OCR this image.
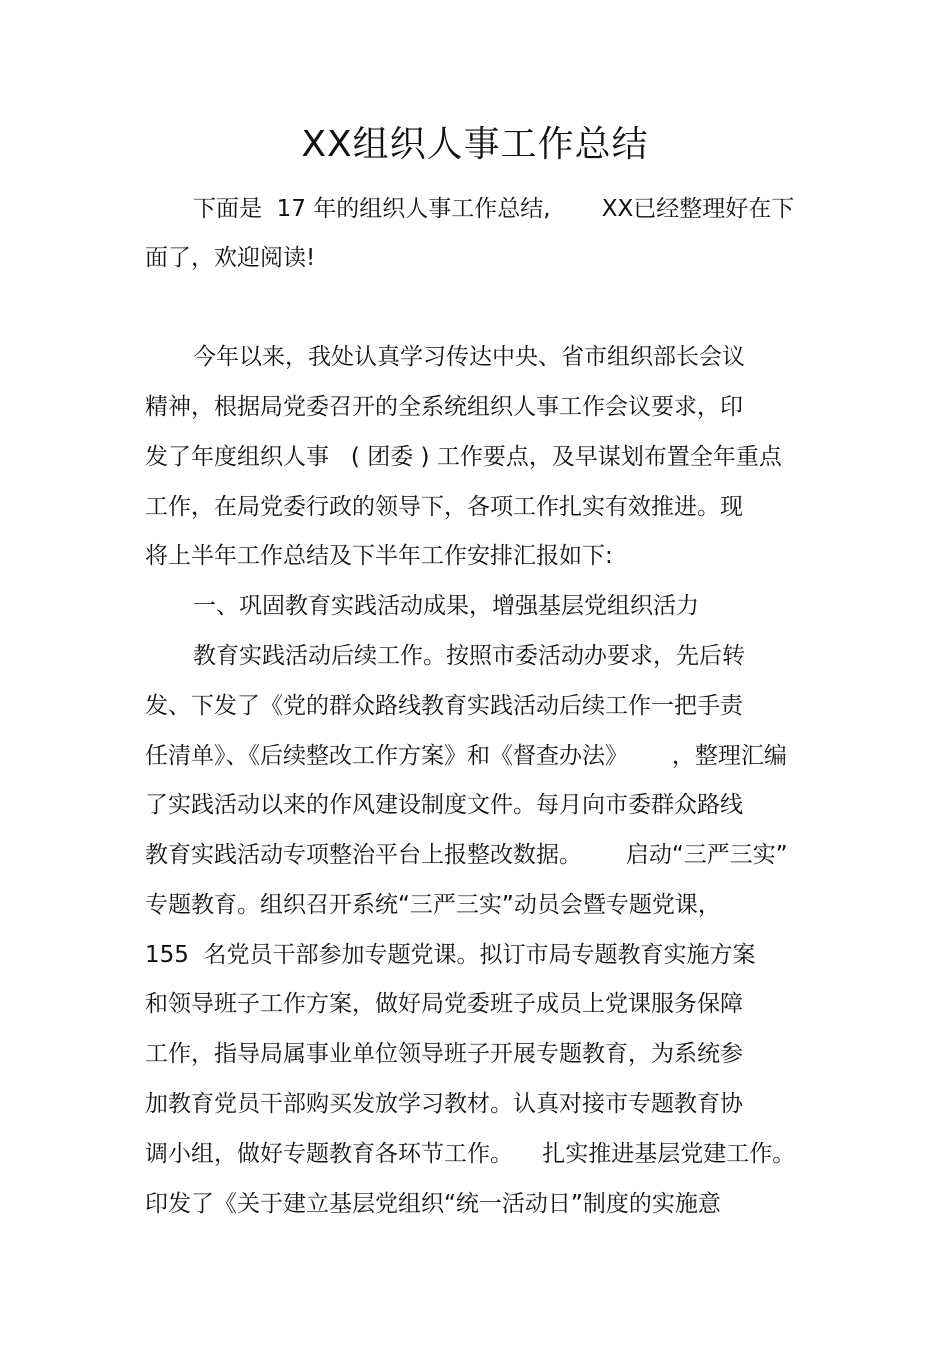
XX组织人事工作总结
下面是  17 年的组织人事工作总结,       XX已经整理好在下
面了，欢迎阅读!
今年以来，我处认真学习传达中央、省市组织部长会议
精神，根据局党委召开的全系统组织人事工作会议要求，印
发了年度组织人事   ( 团委 ) 工作要点，及早谋划布置全年重点
工作，在局党委行政的领导下，各项工作扎实有效推进。现
将上半年工作总结及下半年工作安排汇报如下:
一、巩固教育实践活动成果，增强基层党组织活力
教育实践活动后续工作。按照市委活动办要求，先后转
发、下发了《党的群众路线教育实践活动后续工作一把手责
任清单》、《后续整改工作方案》和《督查办法》      ，整理汇编
了实践活动以来的作风建设制度文件。每月向市委群众路线
教育实践活动专项整治平台上报整改数据。      启动“三严三实”
专题教育。组织召开系统“三严三实”动员会暨专题党课，
155  名党员干部参加专题党课。拟订市局专题教育实施方案
和领导班子工作方案，做好局党委班子成员上党课服务保障
工作，指导局属事业单位领导班子开展专题教育，为系统参
加教育党员干部购买发放学习教材。认真对接市专题教育协
调小组，做好专题教育各环节工作。    扎实推进基层党建工作。
印发了《关于建立基层党组织“统一活动日”制度的实施意
